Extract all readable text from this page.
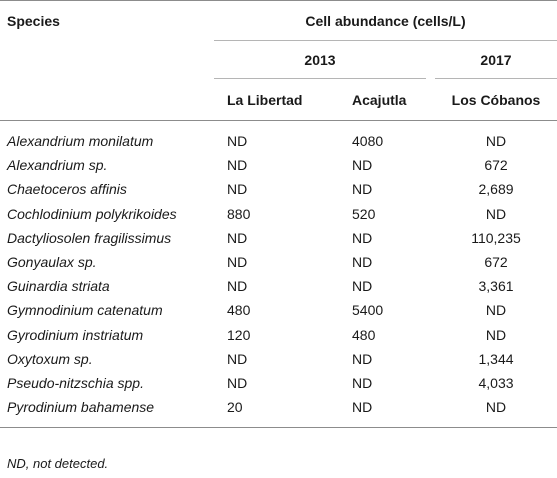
Species	Cell abundance (cells/L)			
	2013			2017
	La Libertad	Acajutla		Los Cóbanos
Alexandrium monilatum	ND	4080		ND
Alexandrium sp.	ND	ND		672
Chaetoceros affinis	ND	ND		2,689
Cochlodinium polykrikoides	880	520		ND
Dactyliosolen fragilissimus	ND	ND		110,235
Gonyaulax sp.	ND	ND		672
Guinardia striata	ND	ND		3,361
Gymnodinium catenatum	480	5400		ND
Gyrodinium instriatum	120	480		ND
Oxytoxum sp.	ND	ND		1,344
Pseudo-nitzschia spp.	ND	ND		4,033
Pyrodinium bahamense	20	ND		ND
ND, not detected.
